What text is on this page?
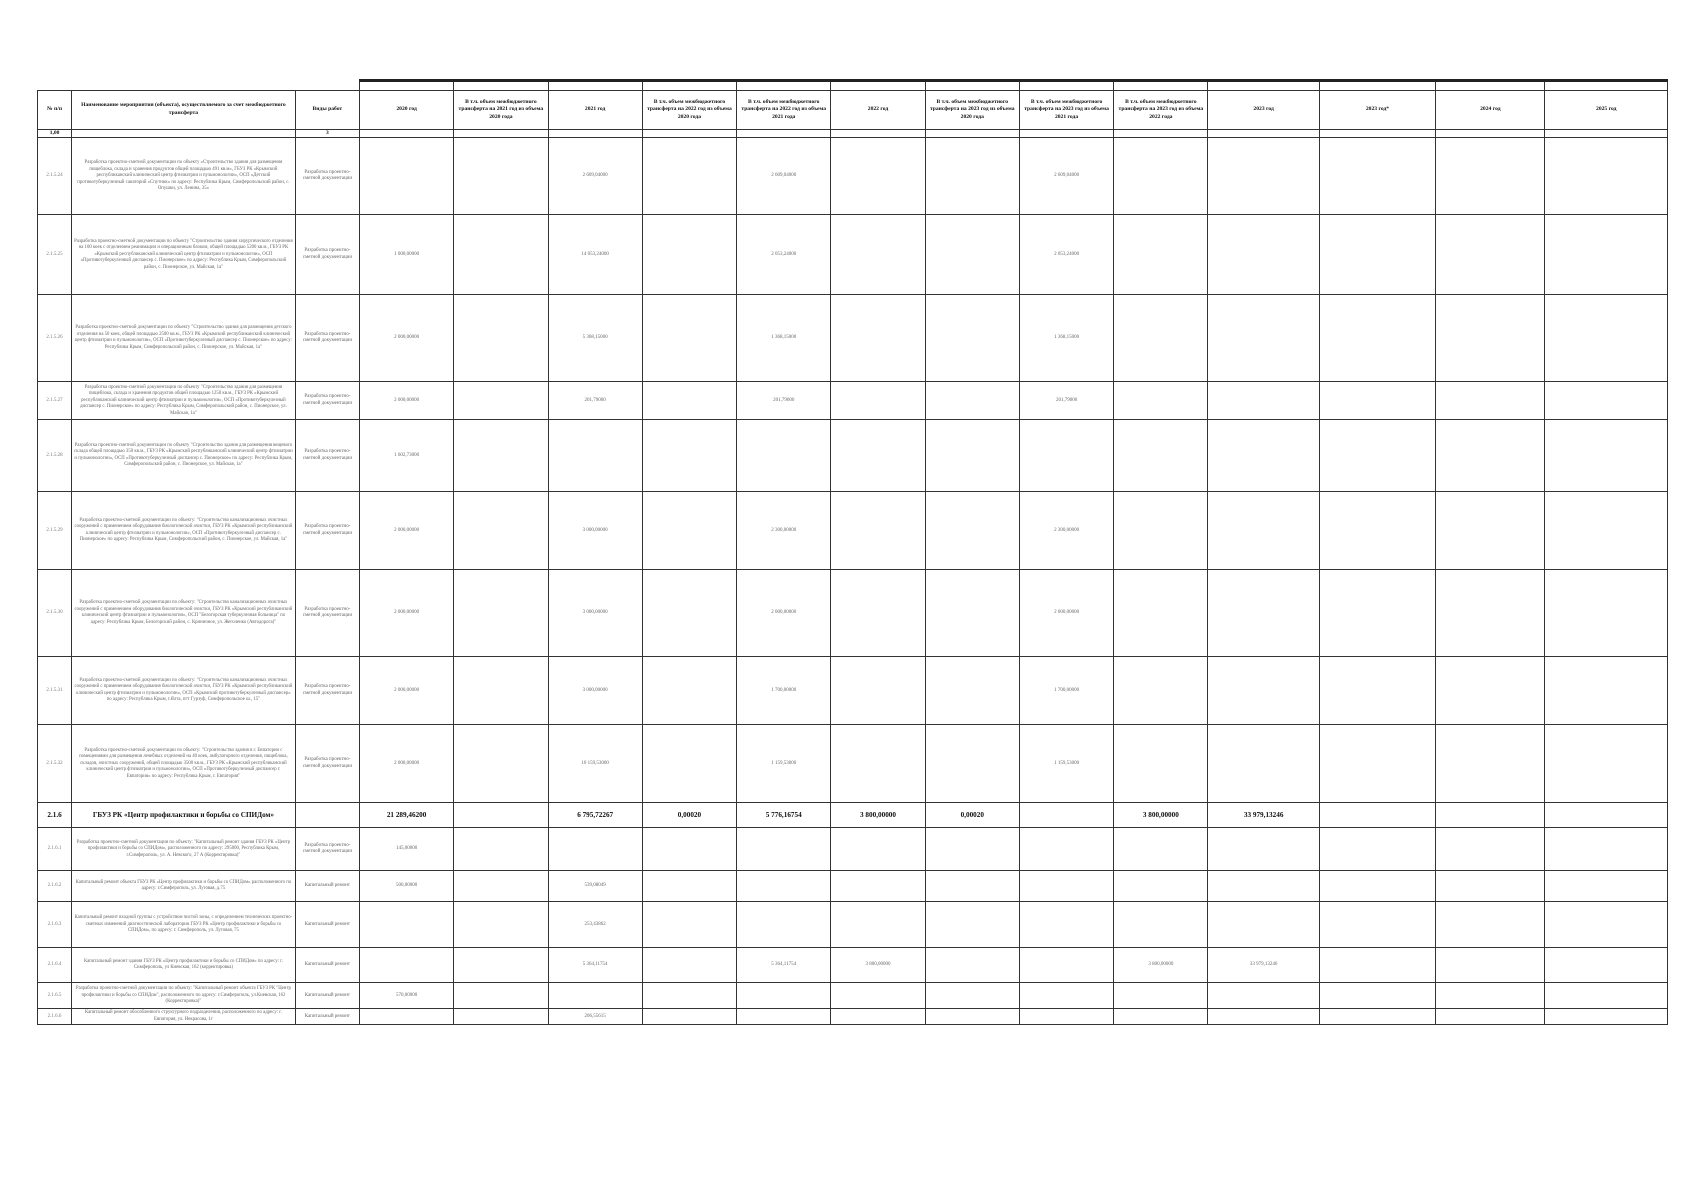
№ п/п	Наименование мероприятия (объекта), осуществляемого за счет межбюджетного трансферта	Виды работ	2020 год	В т.ч. объем межбюджетного трансферта на 2021 год из объема 2020 года	2021 год	В т.ч. объем межбюджетного трансферта на 2022 год из объема 2020 года	В т.ч. объем межбюджетного трансферта на 2022 год из объема 2021 года	2022 год	В т.ч. объем межбюджетного трансферта на 2023 год из объема 2020 года	В т.ч. объем межбюджетного трансферта на 2023 год из объема 2021 года	В т.ч. объем межбюджетного трансферта на 2023 год из объема 2022 года	2023 год	2023 год*	2024 год	2025 год
1,00		3													
2.1.5.24	Разработка проектно-сметной документации по объекту «Строительство здания для размещения пищеблока, склада и хранения продуктов общей площадью 491 кв.м», ГБУЗ РК «Крымский республиканский клинический центр фтизиатрии и пульмонологии», ОСП «Детский противотуберкулезный санаторий «Спутник» по адресу: Республика Крым, Симферопольский район, с. Опушки, ул. Ленина, 35»	Разработка проектно-сметной документации			2 609,04000		2 609,04000			2 609,04000					
2.1.5.25	Разработка проектно-сметной документации по объекту "Строительство здания хирургического отделения на 100 коек с отделением реанимации и операционным блоком, общей площадью 5200 кв.м., ГБУЗ РК «Крымский республиканский клинический центр фтизиатрии и пульмонологии», ОСП «Противотуберкулезный диспансер с. Пионерское» по адресу: Республика Крым, Симферопольский район, с. Пионерское, ул. Майская, 1а"	Разработка проектно-сметной документации	1 000,00000		14 053,24000		2 053,24000			2 053,24000					
2.1.5.26	Разработка проектно-сметной документации по объекту "Строительство здания для размещения детского отделения на 50 коек, общей площадью 2500 кв.м., ГБУЗ РК «Крымский республиканский клинический центр фтизиатрии и пульмонологии», ОСП «Противотуберкулезный диспансер с. Пионерское» по адресу: Республика Крым, Симферопольский район, с. Пионерское, ул. Майская, 1а"	Разработка проектно-сметной документации	2 000,00000		5 368,15000		1 368,15000			1 368,15000					
2.1.5.27	Разработка проектно-сметной документации по объекту "Строительство здания для размещения пищеблока, склада и хранения продуктов общей площадью 1250 кв.м., ГБУЗ РК «Крымский республиканский клинический центр фтизиатрии и пульмонологии», ОСП «Противотуберкулезный диспансер с. Пионерское» по адресу: Республика Крым, Симферопольский район, с. Пионерское, ул. Майская, 1а"	Разработка проектно-сметной документации	2 000,00000		201,79000		201,79000			201,79000					
2.1.5.28	Разработка проектно-сметной документации по объекту "Строительство здания для размещения вещевого склада общей площадью 350 кв.м., ГБУЗ РК «Крымский республиканский клинический центр фтизиатрии и пульмонологии», ОСП «Противотуберкулезный диспансер с. Пионерское» по адресу: Республика Крым, Симферопольский район, с. Пионерское, ул. Майская, 1а"	Разработка проектно-сметной документации	1 602,73000												
2.1.5.29	Разработка проектно-сметной документации по объекту: "Строительство канализационных очистных сооружений с применением оборудования биологической очистки, ГБУЗ РК «Крымский республиканский клинический центр фтизиатрии и пульмонологии», ОСП «Противотуберкулезный диспансер с. Пионерское» по адресу: Республика Крым, Симферопольский район, с. Пионерское, ул. Майская, 1а"	Разработка проектно-сметной документации	2 000,00000		3 000,00000		2 300,00000			2 300,00000					
2.1.5.30	Разработка проектно-сметной документации по объекту: "Строительство канализационных очистных сооружений с применением оборудования биологической очистки, ГБУЗ РК «Крымский республиканский клинический центр фтизиатрии и пульмонологии», ОСП "Белогорская туберкулезная больница" по адресу: Республика Крым, Белогорский район, с. Криничное, ул. Жеголенко (Автодорога)"	Разработка проектно-сметной документации	2 000,00000		3 000,00000		2 000,00000			2 000,00000					
2.1.5.31	Разработка проектно-сметной документации по объекту: "Строительство канализационных очистных сооружений с применением оборудования биологической очистки, ГБУЗ РК «Крымский республиканский клинический центр фтизиатрии и пульмонологии», ОСП «Крымский противотуберкулезный диспансер» по адресу: Республика Крым, г.Ялта, пгт Гурзуф, Симферопольское ш., 15"	Разработка проектно-сметной документации	2 000,00000		3 000,00000		1 700,00000			1 700,00000					
2.1.5.32	Разработка проектно-сметной документации по объекту: "Строительство здания в г. Евпатории с помещениями для размещения лечебных отделений на 40 коек, амбулаторного отделения, пищеблока, складов, очистных сооружений, общей площадью 3500 кв.м., ГБУЗ РК «Крымский республиканский клинический центр фтизиатрии и пульмонологии», ОСП «Противотуберкулезный диспансер г. Евпатория» по адресу: Республика Крым, г. Евпатория"	Разработка проектно-сметной документации	2 000,00000		10 159,53000		1 159,53000			1 159,53000					
2.1.6	ГБУЗ РК «Центр профилактики и борьбы со СПИДом»		21 289,46200		6 795,72267	0,00020	5 776,16754	3 800,00000	0,00020		3 800,00000	33 979,13246			
2.1.6.1	Разработка проектно-сметной документации по объекту: "Капитальный ремонт здания ГБУЗ РК «Центр профилактики и борьбы со СПИДом», расположенного по адресу: 295000, Республика Крым, г.Симферополь, ул. А. Невского, 27 А (Корректировка)"	Разработка проектно-сметной документации	145,00000												
2.1.6.2	Капитальный ремонт объекта ГБУЗ РК «Центр профилактики и борьбы со СПИДом» расположенного по адресу: г.Симферополь, ул. Луговая, д.75	Капитальный ремонт	500,00000		539,08049										
2.1.6.3	Капитальный ремонт входной группы с устройством чистой зоны, с определением технических проектно-сметных изменений диагностической лаборатории ГБУЗ РК «Центр профилактики и борьбы со СПИДом», по адресу: г. Симферополь, ул. Луговая, 75	Капитальный ремонт			253,43862										
2.1.6.4	Капитальный ремонт здания ГБУЗ РК «Центр профилактики и борьбы со СПИДом» по адресу: г. Симферополь, ул Киевская, 162 (корректировка)	Капитальный ремонт			5 364,11754		5 364,11754	3 800,00000			3 800,00000	33 979,13246			
2.1.6.5	Разработка проектно-сметной документации по объекту: "Капитальный ремонт объекта ГБУЗ РК "Центр профилактики и борьбы со СПИДом", расположенного по адресу: г.Симферополь, ул.Киевская, 162 (Корректировка)"	Капитальный ремонт	570,00000												
2.1.6.6	Капитальный ремонт обособленного структурного подразделения, расположенного по адресу: г. Евпатория, ул. Некрасова, 1г	Капитальный ремонт			206,55615										
